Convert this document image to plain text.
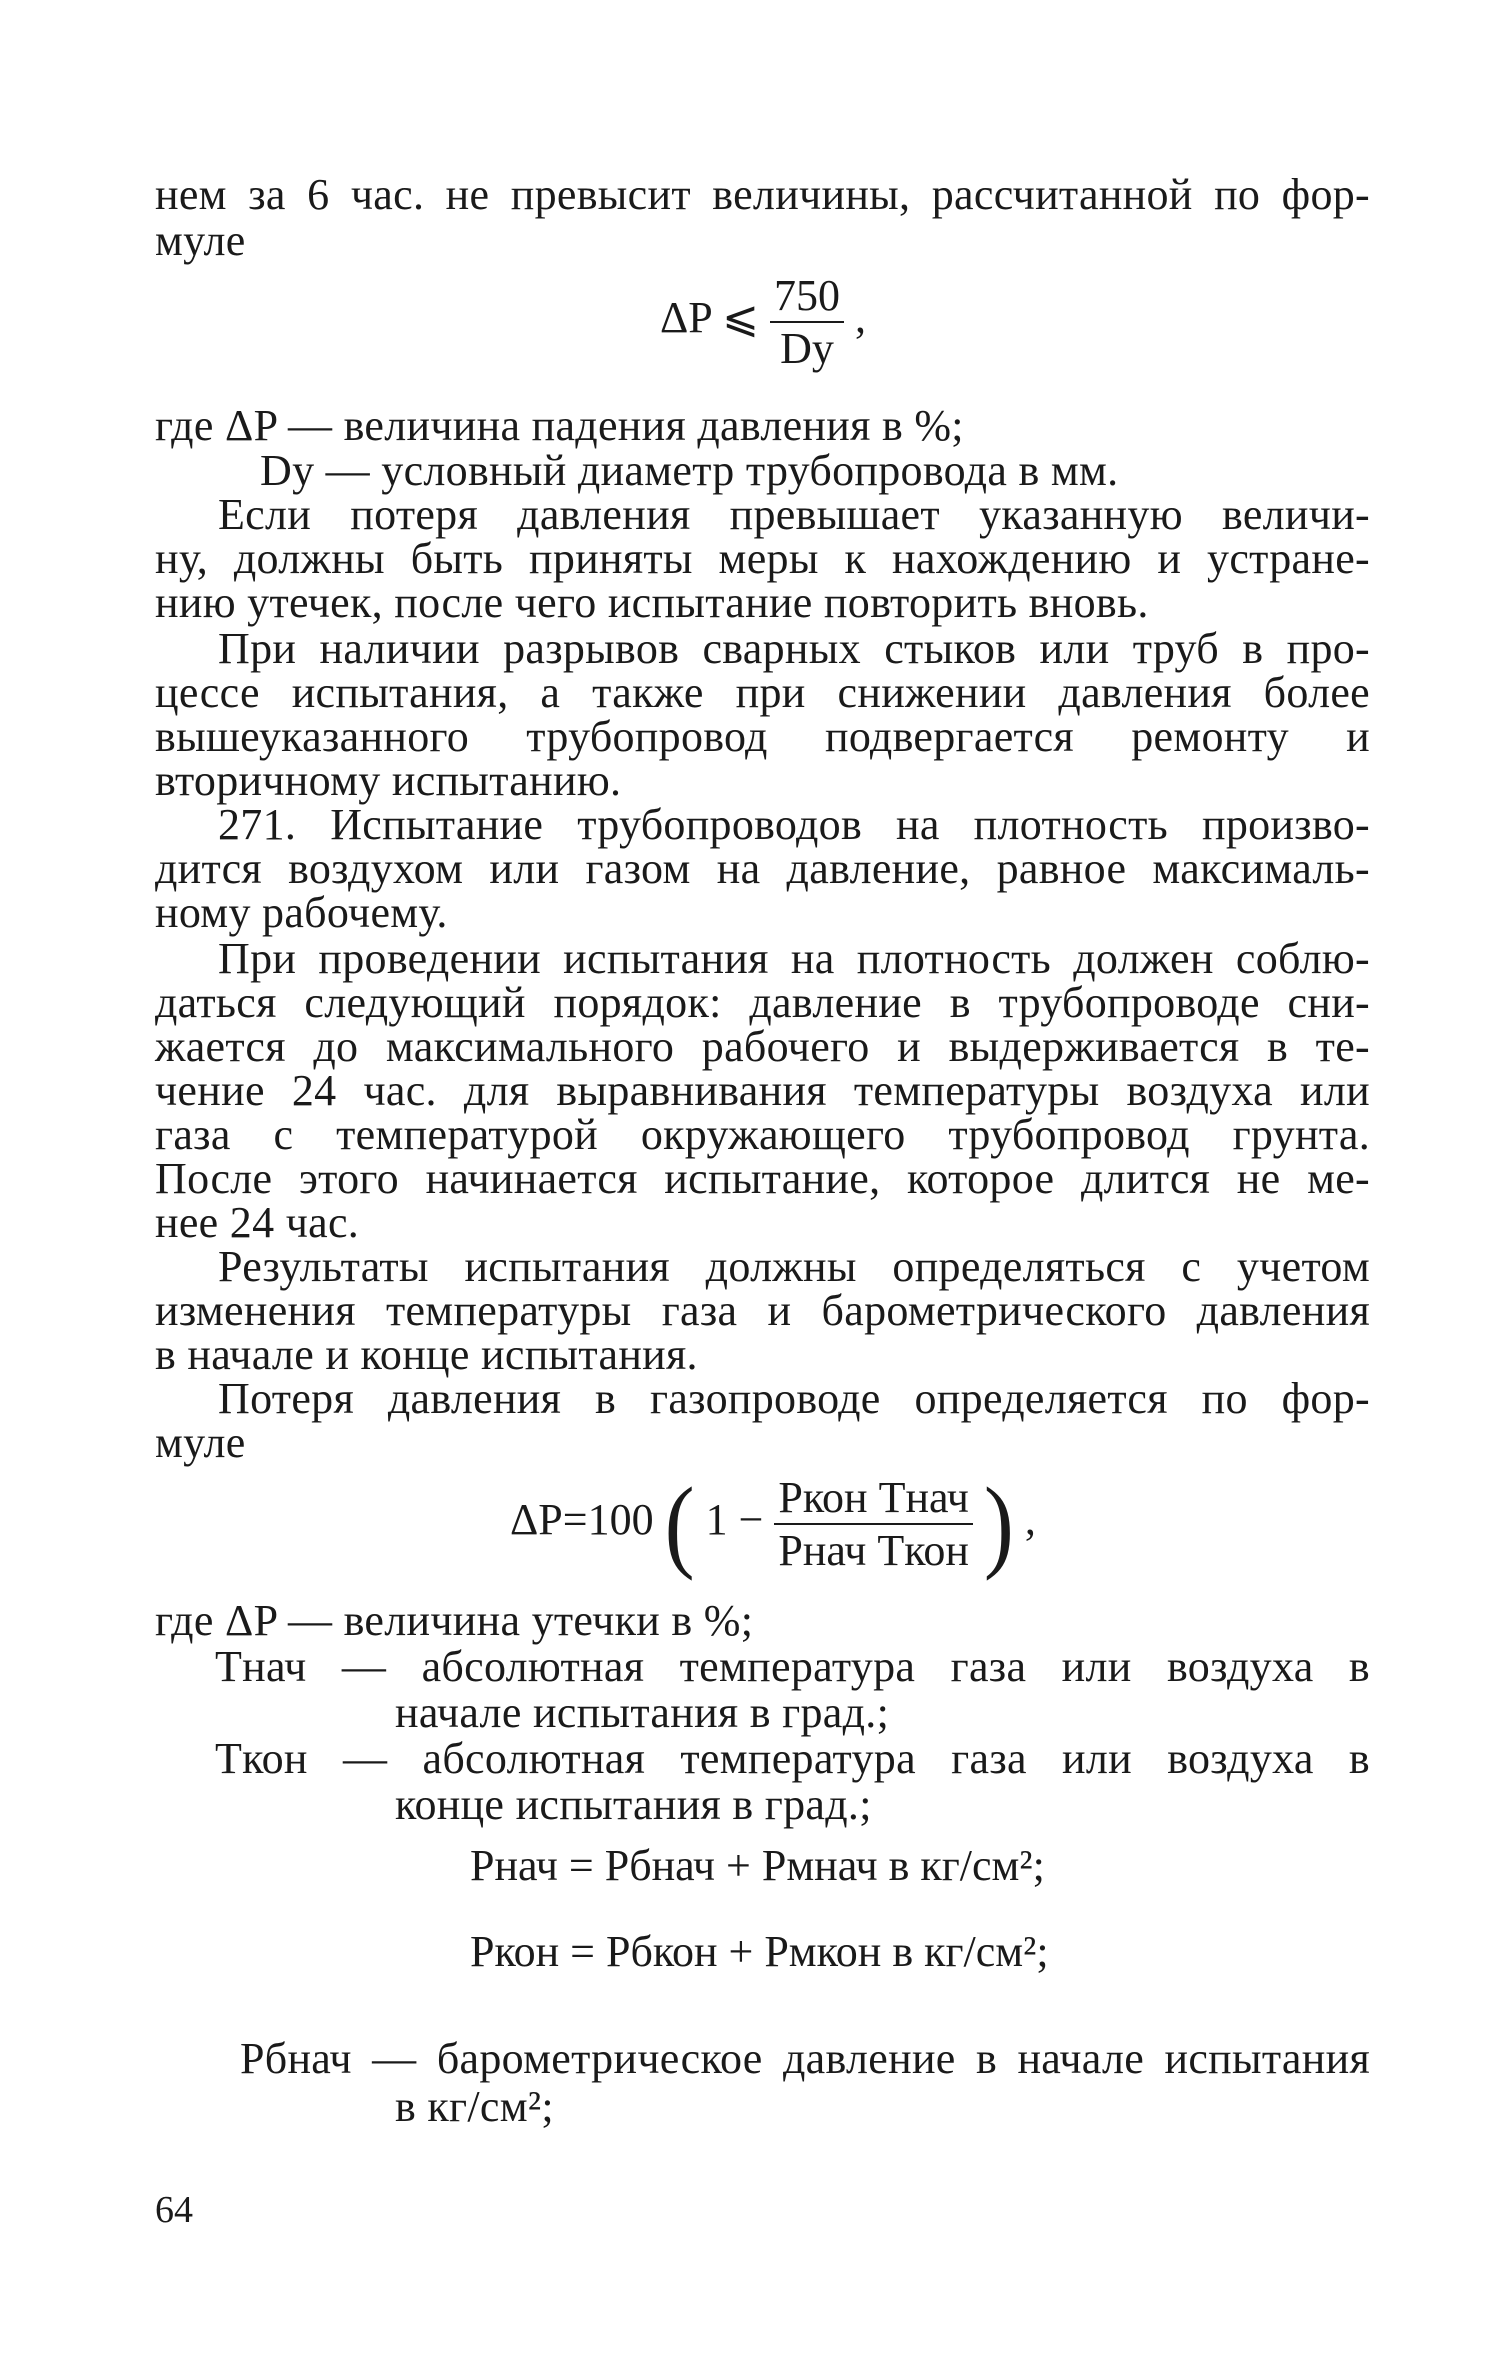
нем за 6 час. не превысит величины, рассчитанной по фор-
муле
ΔP ⩽ $\frac{750}{Dу}$ ,
где ΔP — величина падения давления в %;
Dу — условный диаметр трубопровода в мм.
Если потеря давления превышает указанную величи-
ну, должны быть приняты меры к нахождению и устране-
нию утечек, после чего испытание повторить вновь.
При наличии разрывов сварных стыков или труб в про-
цессе испытания, а также при снижении давления более
вышеуказанного трубопровод подвергается ремонту и
вторичному испытанию.
271. Испытание трубопроводов на плотность произво-
дится воздухом или газом на давление, равное максималь-
ному рабочему.
При проведении испытания на плотность должен соблю-
даться следующий порядок: давление в трубопроводе сни-
жается до максимального рабочего и выдерживается в те-
чение 24 час. для выравнивания температуры воздуха или
газа с температурой окружающего трубопровод грунта.
После этого начинается испытание, которое длится не ме-
нее 24 час.
Результаты испытания должны определяться с учетом
изменения температуры газа и барометрического давления
в начале и конце испытания.
Потеря давления в газопроводе определяется по фор-
муле
ΔP=100 ( $1 - \frac{\text{Pкон Tнач}}{\text{Pнач Tкон}}$ ) ,
где ΔP — величина утечки в %;
Tнач — абсолютная температура газа или воздуха в
начале испытания в град.;
Tкон — абсолютная температура газа или воздуха в
конце испытания в град.;
Pнач = Pбнач + Pмнач в кг/см²;
Pкон = Pбкон + Pмкон в кг/см²;
Pбнач — барометрическое давление в начале испытания
в кг/см²;
64
